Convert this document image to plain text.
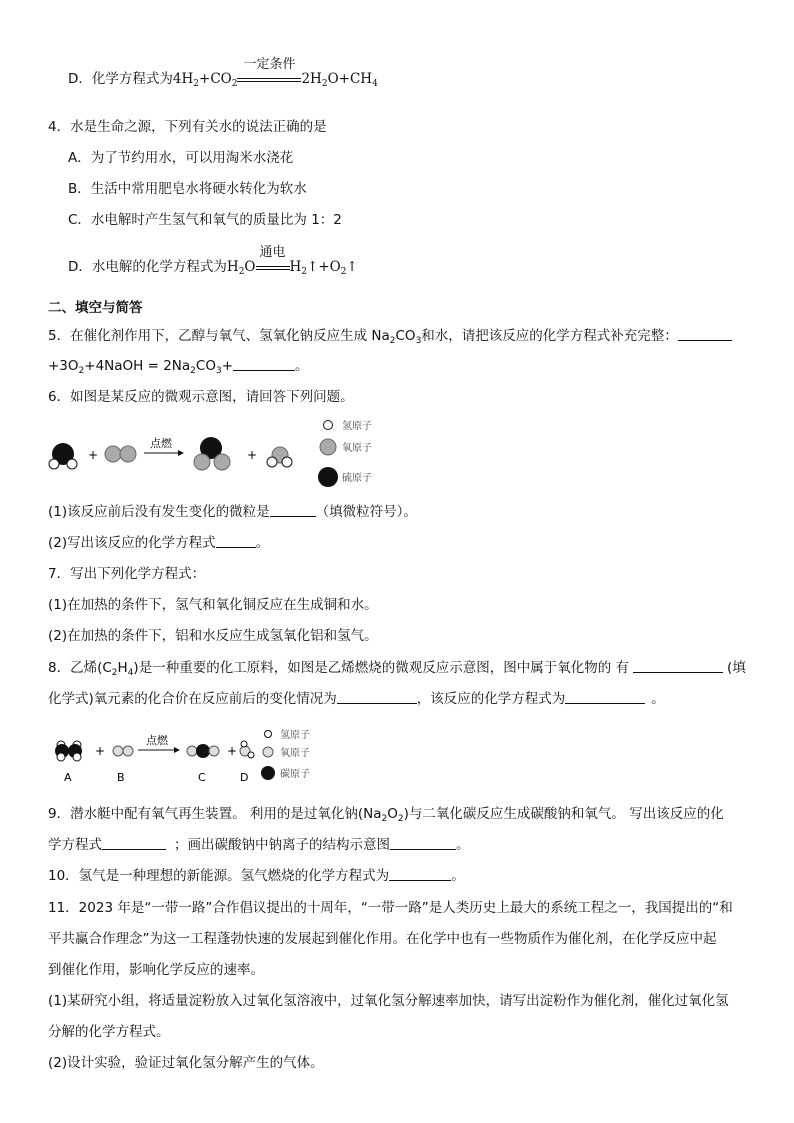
D．化学方程式为$4H_2+CO_2$
一定条件
$2H_2O+CH_4$
4．水是生命之源，下列有关水的说法正确的是
A．为了节约用水，可以用淘米水浇花
B．生活中常用肥皂水将硬水转化为软水
C．水电解时产生氢气和氧气的质量比为 1：2
D．水电解的化学方程式为$H_2O$
通电
$H_2↑+O_2↑$
二、填空与简答
5．在催化剂作用下，乙醇与氧气、氢氧化钠反应生成 $Na_2CO_3$和水，请把该反应的化学方程式补充完整：
$+3O_2+4NaOH = 2Na_2CO_3+$	。
6．如图是某反应的微观示意图，请回答下列问题。
+
点燃
+
氢原子
氧原子
硫原子
(1)该反应前后没有发生变化的微粒是	（填微粒符号）。
(2)写出该反应的化学方程式	。
7．写出下列化学方程式：
(1)在加热的条件下，氢气和氧化铜反应在生成铜和水。
(2)在加热的条件下，铝和水反应生成氢氧化铝和氢气。
8．乙烯$(C_2H_4)$是一种重要的化工原料，如图是乙烯燃烧的微观反应示意图，图中属于氧化物的 有	(填
化学式)氧元素的化合价在反应前后的变化情况为	，该反应的化学方程式为	。
A
+
B
点燃
C
+
D
氢原子
氧原子
碳原子
9．潜水艇中配有氧气再生装置。 利用的是过氧化钠$(Na_2O_2)$与二氧化碳反应生成碳酸钠和氧气。 写出该反应的化
学方程式	；画出碳酸钠中钠离子的结构示意图	。
10．氢气是一种理想的新能源。氢气燃烧的化学方程式为	。
11．2023 年是“一带一路”合作倡议提出的十周年，“一带一路”是人类历史上最大的系统工程之一，我国提出的“和
平共赢合作理念”为这一工程蓬勃快速的发展起到催化作用。在化学中也有一些物质作为催化剂，在化学反应中起
到催化作用，影响化学反应的速率。
(1)某研究小组，将适量淀粉放入过氧化氢溶液中，过氧化氢分解速率加快，请写出淀粉作为催化剂，催化过氧化氢
分解的化学方程式。
(2)设计实验，验证过氧化氢分解产生的气体。
